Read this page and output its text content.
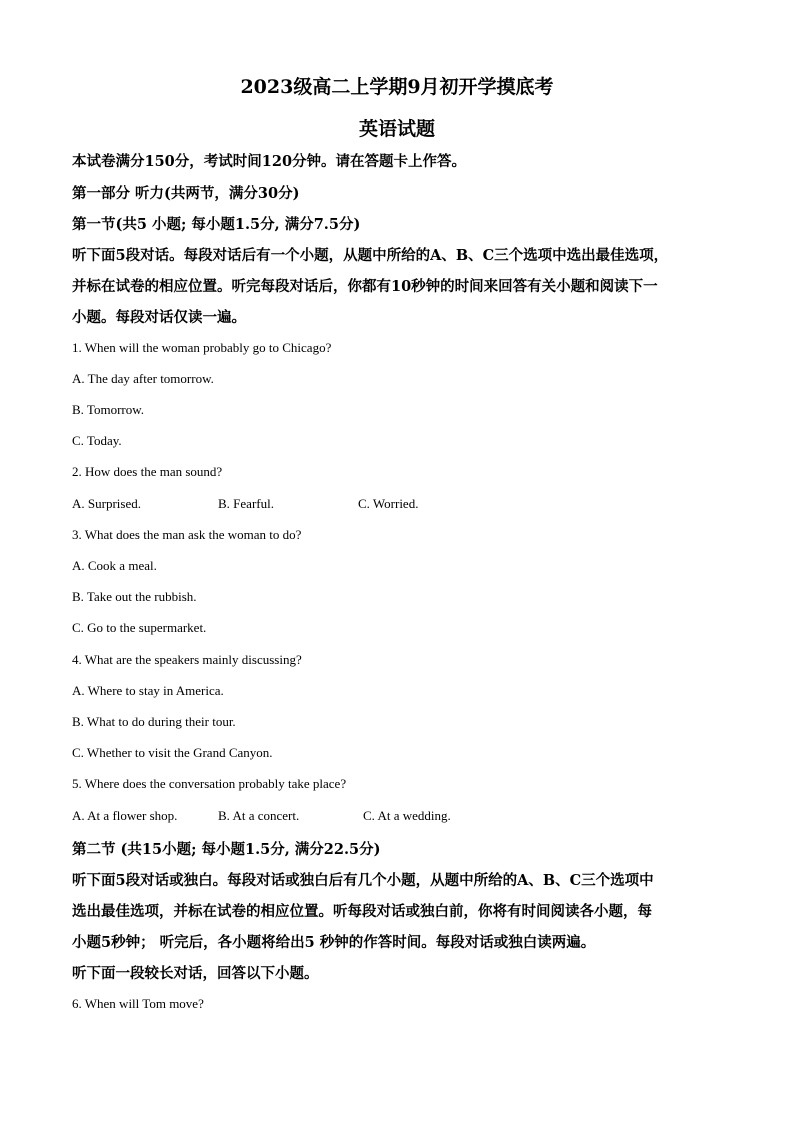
2023级高二上学期9月初开学摸底考
英语试题
本试卷满分150分，考试时间120分钟。请在答题卡上作答。
第一部分 听力(共两节，满分30分)
第一节(共5 小题; 每小题1.5分, 满分7.5分)
听下面5段对话。每段对话后有一个小题，从题中所给的A、B、C三个选项中选出最佳选项，
并标在试卷的相应位置。听完每段对话后，你都有10秒钟的时间来回答有关小题和阅读下一
小题。每段对话仅读一遍。
1. When will the woman probably go to Chicago?
A. The day after tomorrow.
B. Tomorrow.
C. Today.
2. How does the man sound?
A. Surprised.	B. Fearful.	C. Worried.
3. What does the man ask the woman to do?
A. Cook a meal.
B. Take out the rubbish.
C. Go to the supermarket.
4. What are the speakers mainly discussing?
A. Where to stay in America.
B. What to do during their tour.
C. Whether to visit the Grand Canyon.
5. Where does the conversation probably take place?
A. At a flower shop.	B. At a concert.	C. At a wedding.
第二节 (共15小题; 每小题1.5分, 满分22.5分)
听下面5段对话或独白。每段对话或独白后有几个小题，从题中所给的A、B、C三个选项中
选出最佳选项，并标在试卷的相应位置。听每段对话或独白前，你将有时间阅读各小题，每
小题5秒钟； 听完后，各小题将给出5 秒钟的作答时间。每段对话或独白读两遍。
听下面一段较长对话，回答以下小题。
6. When will Tom move?
